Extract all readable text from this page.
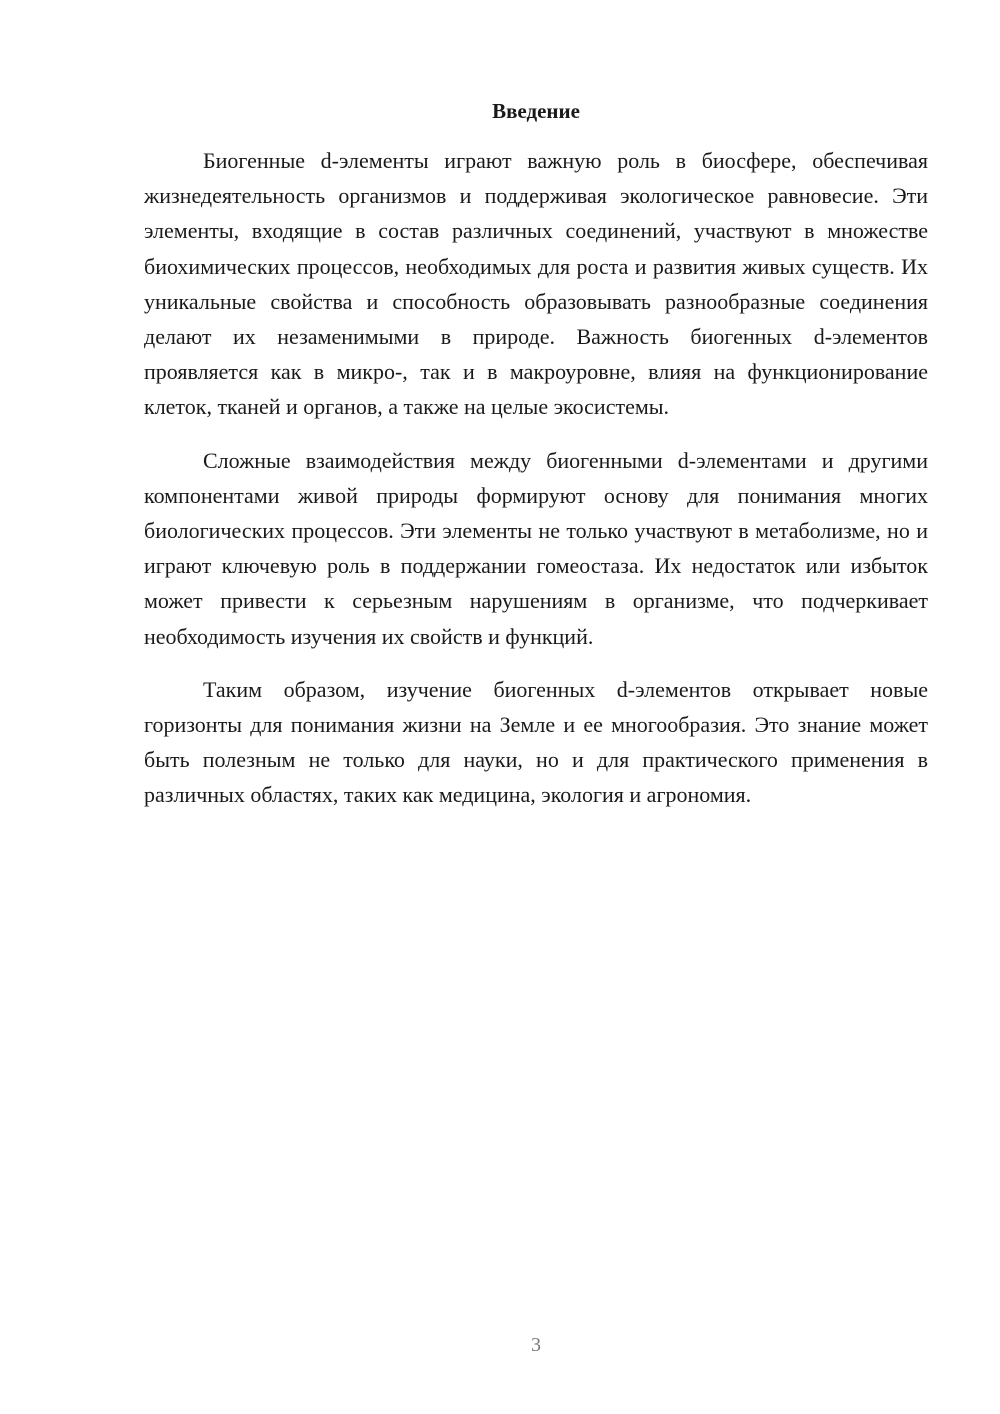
Введение

Биогенные d-элементы играют важную роль в биосфере, обеспечивая жизнедеятельность организмов и поддерживая экологическое равновесие. Эти элементы, входящие в состав различных соединений, участвуют в множестве биохимических процессов, необходимых для роста и развития живых существ. Их уникальные свойства и способность образовывать разнообразные соединения делают их незаменимыми в природе. Важность биогенных d-элементов проявляется как в микро-, так и в макроуровне, влияя на функционирование клеток, тканей и органов, а также на целые экосистемы.

Сложные взаимодействия между биогенными d-элементами и другими компонентами живой природы формируют основу для понимания многих биологических процессов. Эти элементы не только участвуют в метаболизме, но и играют ключевую роль в поддержании гомеостаза. Их недостаток или избыток может привести к серьезным нарушениям в организме, что подчеркивает необходимость изучения их свойств и функций.

Таким образом, изучение биогенных d-элементов открывает новые горизонты для понимания жизни на Земле и ее многообразия. Это знание может быть полезным не только для науки, но и для практического применения в различных областях, таких как медицина, экология и агрономия.

3
